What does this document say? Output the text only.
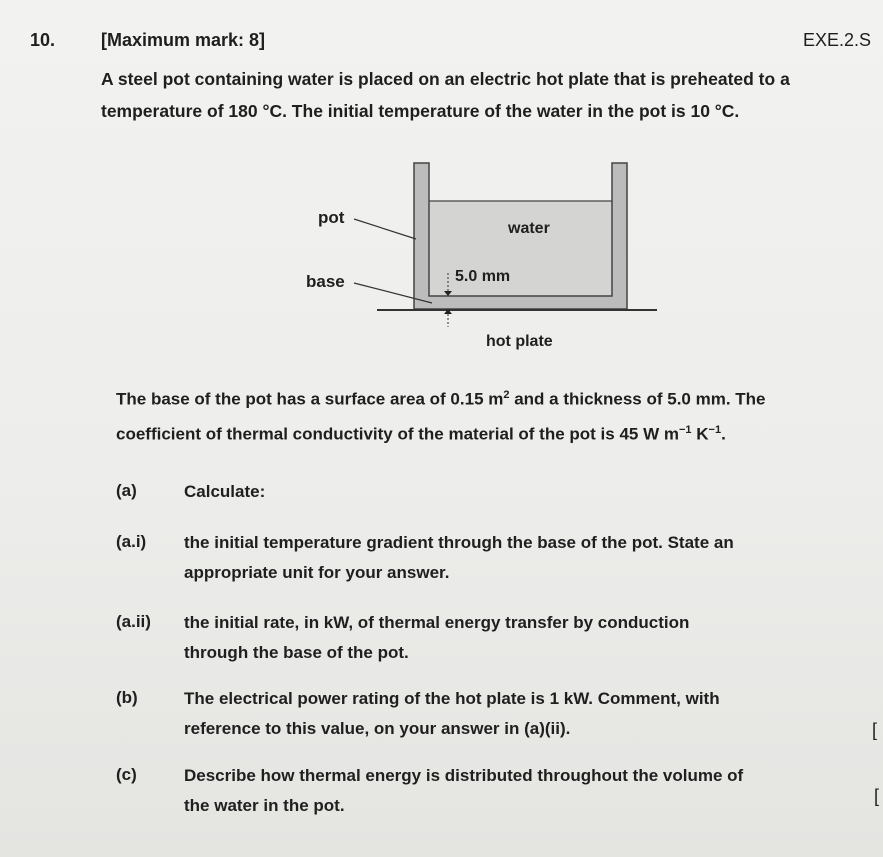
10.	[Maximum mark: 8]	EXE.2.S
A steel pot containing water is placed on an electric hot plate that is preheated to a
temperature of 180 °C. The initial temperature of the water in the pot is 10 °C.
pot
water
base	5.0 mm
hot plate
The base of the pot has a surface area of 0.15 $m^2$ and a thickness of 5.0 mm. The
coefficient of thermal conductivity of the material of the pot is 45 W $m^{-1}$ $K^{-1}$.
(a)	Calculate:
(a.i) the initial temperature gradient through the base of the pot. State an
appropriate unit for your answer.
(a.ii) the initial rate, in kW, of thermal energy transfer by conduction
through the base of the pot.
(b)	The electrical power rating of the hot plate is 1 kW. Comment, with
reference to this value, on your answer in (a)(ii).
(c)	Describe how thermal energy is distributed throughout the volume of
the water in the pot.
[
[
